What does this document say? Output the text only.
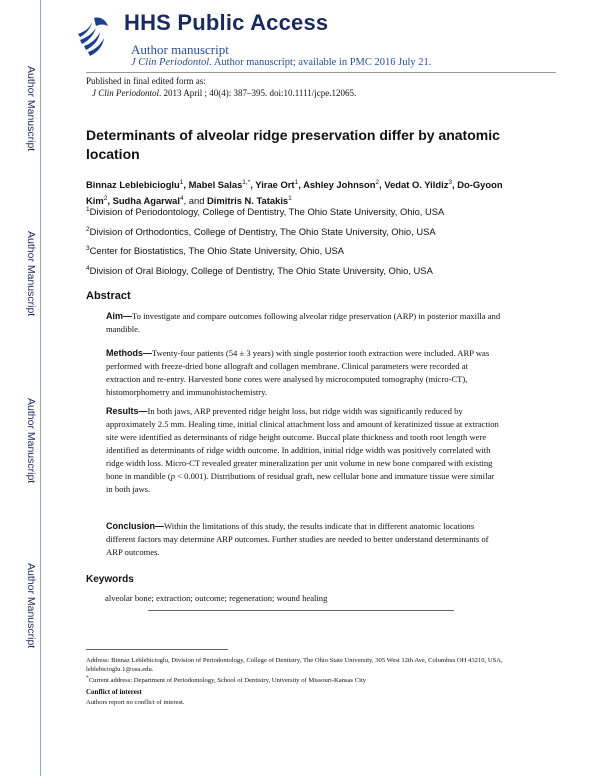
HHS Public Access
Author manuscript
J Clin Periodontol. Author manuscript; available in PMC 2016 July 21.
Author Manuscript
Author Manuscript
Author Manuscript
Author Manuscript
Published in final edited form as:
J Clin Periodontol. 2013 April ; 40(4): 387–395. doi:10.1111/jcpe.12065.
Determinants of alveolar ridge preservation differ by anatomic location
Binnaz Leblebicioglu$^1$, Mabel Salas$^{1,*}$, Yirae Ort$^1$, Ashley Johnson$^2$, Vedat O. Yildiz$^3$, Do-Gyoon Kim$^2$, Sudha Agarwal$^4$, and Dimitris N. Tatakis$^1$
$^1$Division of Periodontology, College of Dentistry, The Ohio State University, Ohio, USA
$^2$Division of Orthodontics, College of Dentistry, The Ohio State University, Ohio, USA
$^3$Center for Biostatistics, The Ohio State University, Ohio, USA
$^4$Division of Oral Biology, College of Dentistry, The Ohio State University, Ohio, USA
Abstract
Aim—To investigate and compare outcomes following alveolar ridge preservation (ARP) in posterior maxilla and mandible.
Methods—Twenty-four patients (54 ± 3 years) with single posterior tooth extraction were included. ARP was performed with freeze-dried bone allograft and collagen membrane. Clinical parameters were recorded at extraction and re-entry. Harvested bone cores were analysed by microcomputed tomography (micro-CT), histomorphometry and immunohistochemistry.
Results—In both jaws, ARP prevented ridge height loss, but ridge width was significantly reduced by approximately 2.5 mm. Healing time, initial clinical attachment loss and amount of keratinized tissue at extraction site were identified as determinants of ridge height outcome. Buccal plate thickness and tooth root length were identified as determinants of ridge width outcome. In addition, initial ridge width was positively correlated with ridge width loss. Micro-CT revealed greater mineralization per unit volume in new bone compared with existing bone in mandible (p < 0.001). Distributions of residual graft, new cellular bone and immature tissue were similar in both jaws.
Conclusion—Within the limitations of this study, the results indicate that in different anatomic locations different factors may determine ARP outcomes. Further studies are needed to better understand determinants of ARP outcomes.
Keywords
alveolar bone; extraction; outcome; regeneration; wound healing
Address: Binnaz Leblebicioglu, Division of Periodontology, College of Dentistry, The Ohio State University, 305 West 12th Ave, Columbus OH 43210, USA, leblebicioglu.1@osu.edu.
*Current address: Department of Periodontology, School of Dentistry, University of Missouri-Kansas City
Conflict of interest
Authors report no conflict of interest.
